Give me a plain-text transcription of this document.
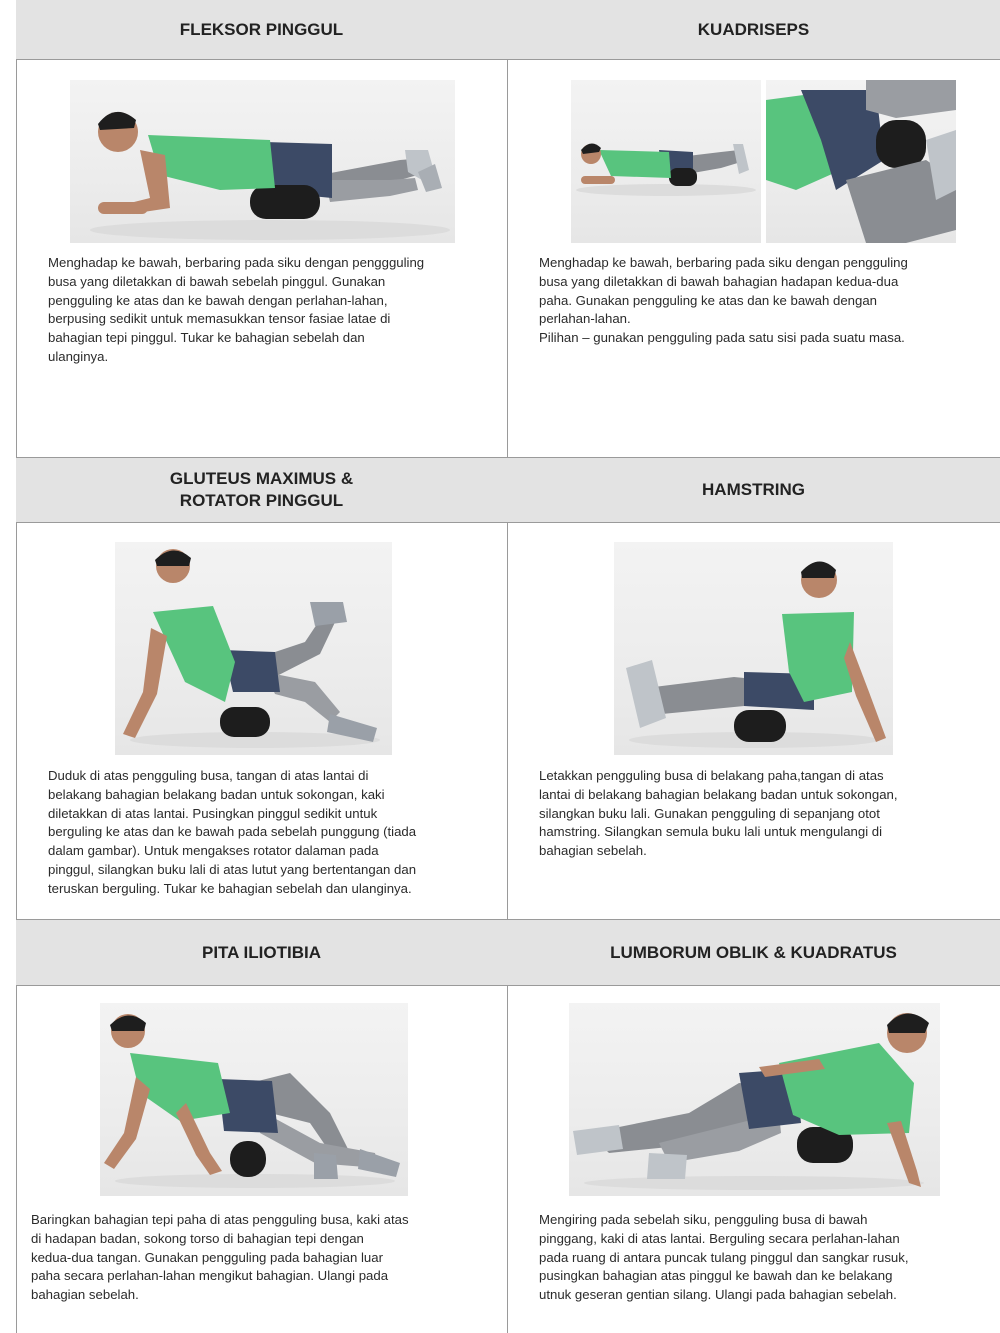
FLEKSOR PINGGUL	KUADRISEPS
Menghadap ke bawah, berbaring pada siku dengan penggguling
busa yang diletakkan di bawah sebelah pinggul. Gunakan
pengguling ke atas dan ke bawah dengan perlahan-lahan,
berpusing sedikit untuk memasukkan tensor fasiae latae di
bahagian tepi pinggul. Tukar ke bahagian sebelah dan
ulanginya.
Menghadap ke bawah, berbaring pada siku dengan pengguling
busa yang diletakkan di bawah bahagian hadapan kedua-dua
paha. Gunakan pengguling ke atas dan ke bawah dengan
perlahan-lahan.
Pilihan – gunakan pengguling pada satu sisi pada suatu masa.
GLUTEUS MAXIMUS &
ROTATOR PINGGUL
HAMSTRING
Duduk di atas pengguling busa, tangan di atas lantai di
belakang bahagian belakang badan untuk sokongan, kaki
diletakkan di atas lantai. Pusingkan pinggul sedikit untuk
berguling ke atas dan ke bawah pada sebelah punggung (tiada
dalam gambar). Untuk mengakses rotator dalaman pada
pinggul, silangkan buku lali di atas lutut yang bertentangan dan
teruskan berguling. Tukar ke bahagian sebelah dan ulanginya.
Letakkan pengguling busa di belakang paha,tangan di atas
lantai di belakang bahagian belakang badan untuk sokongan,
silangkan buku lali. Gunakan pengguling di sepanjang otot
hamstring. Silangkan semula buku lali untuk mengulangi di
bahagian sebelah.
PITA ILIOTIBIA	LUMBORUM OBLIK & KUADRATUS
Baringkan bahagian tepi paha di atas pengguling busa, kaki atas
di hadapan badan, sokong torso di bahagian tepi dengan
kedua-dua tangan. Gunakan pengguling pada bahagian luar
paha secara perlahan-lahan mengikut bahagian. Ulangi pada
bahagian sebelah.
Mengiring pada sebelah siku, pengguling busa di bawah
pinggang, kaki di atas lantai. Berguling secara perlahan-lahan
pada ruang di antara puncak tulang pinggul dan sangkar rusuk,
pusingkan bahagian atas pinggul ke bawah dan ke belakang
utnuk geseran gentian silang. Ulangi pada bahagian sebelah.
